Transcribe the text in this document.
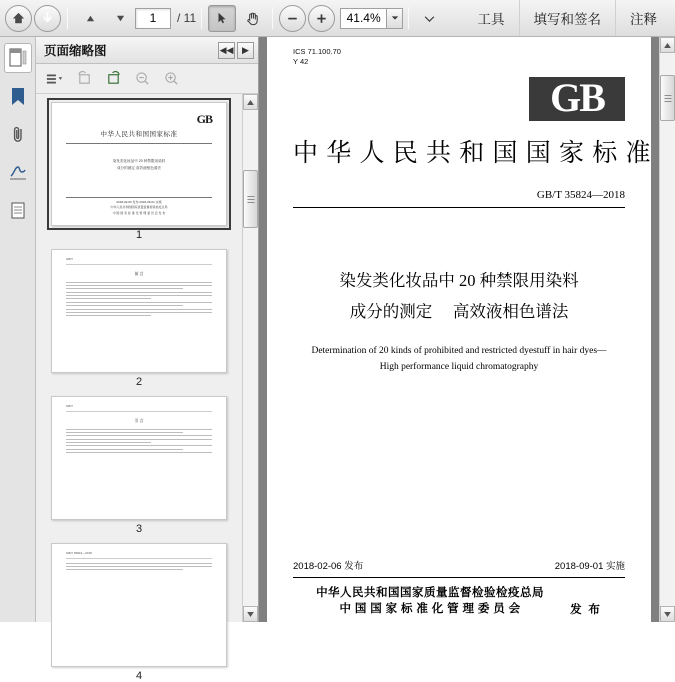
1	/ 11	41.4%	工具	填写和签名	注释
页面缩略图	◀◀ ▶
GB
中华人民共和国国家标准
染发类化妆品中 20 种禁限用染料
成分的测定 高效液相色谱法
2018-02-06 发布 2018-09-01 实施
中华人民共和国国家质量监督检验检疫总局
中 国 国 家 标 准 化 管 理 委 员 会 发 布
1
GB/T
前 言
2
GB/T
引 言
3
GB/T 35824—2018
4
ICS 71.100.70
Y 42
GB
中 华 人 民 共 和 国 国 家 标 准
GB/T 35824—2018
染发类化妆品中 20 种禁限用染料
成分的测定　 高效液相色谱法
Determination of 20 kinds of prohibited and restricted dyestuff in hair dyes—
High performance liquid chromatography
2018-02-06 发布	2018-09-01 实施
中华人民共和国国家质量监督检验检疫总局
中 国 国 家 标 准 化 管 理 委 员 会	发 布
